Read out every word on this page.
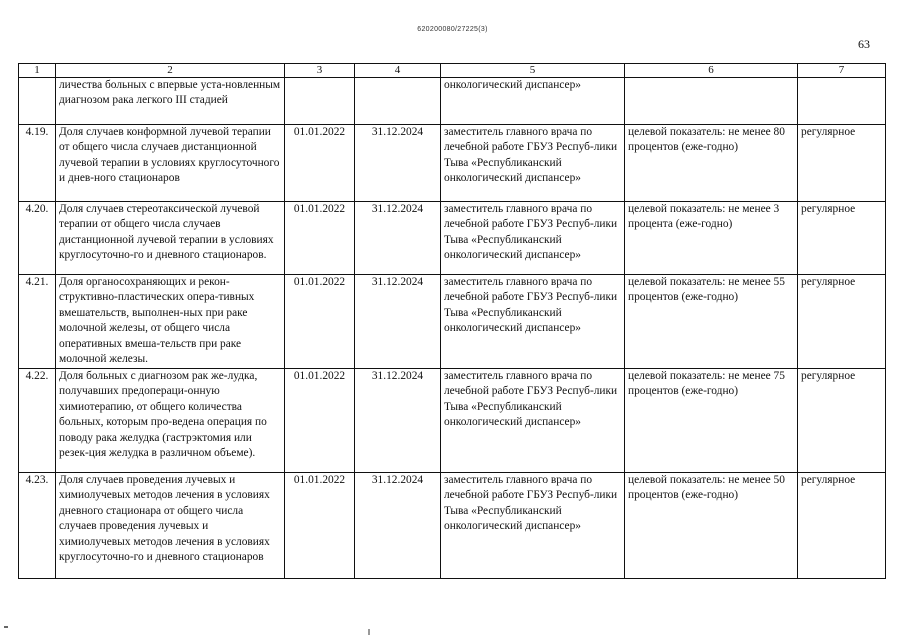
620200080/27225(3)
63
1	2	3	4	5	6	7
	личества больных с впервые уста-новленным диагнозом рака легкого III стадией			онкологический диспансер»		
4.19.	Доля случаев конформной лучевой терапии от общего числа случаев дистанционной лучевой терапии в условиях круглосуточного и днев-ного стационаров	01.01.2022	31.12.2024	заместитель главного врача по лечебной работе ГБУЗ Респуб-лики Тыва «Республиканский онкологический диспансер»	целевой показатель: не менее 80 процентов (еже-годно)	регулярное
4.20.	Доля случаев стереотаксической лучевой терапии от общего числа случаев дистанционной лучевой терапии в условиях круглосуточно-го и дневного стационаров.	01.01.2022	31.12.2024	заместитель главного врача по лечебной работе ГБУЗ Респуб-лики Тыва «Республиканский онкологический диспансер»	целевой показатель: не менее 3 процента (еже-годно)	регулярное
4.21.	Доля органосохраняющих и рекон-структивно-пластических опера-тивных вмешательств, выполнен-ных при раке молочной железы, от общего числа оперативных вмеша-тельств при раке молочной железы.	01.01.2022	31.12.2024	заместитель главного врача по лечебной работе ГБУЗ Респуб-лики Тыва «Республиканский онкологический диспансер»	целевой показатель: не менее 55 процентов (еже-годно)	регулярное
4.22.	Доля больных с диагнозом рак же-лудка, получавших предопераци-онную химиотерапию, от общего количества больных, которым про-ведена операция по поводу рака желудка (гастрэктомия или резек-ция желудка в различном объеме).	01.01.2022	31.12.2024	заместитель главного врача по лечебной работе ГБУЗ Респуб-лики Тыва «Республиканский онкологический диспансер»	целевой показатель: не менее 75 процентов (еже-годно)	регулярное
4.23.	Доля случаев проведения лучевых и химиолучевых методов лечения в условиях дневного стационара от общего числа случаев проведения лучевых и химиолучевых методов лечения в условиях круглосуточно-го и дневного стационаров	01.01.2022	31.12.2024	заместитель главного врача по лечебной работе ГБУЗ Респуб-лики Тыва «Республиканский онкологический диспансер»	целевой показатель: не менее 50 процентов (еже-годно)	регулярное
